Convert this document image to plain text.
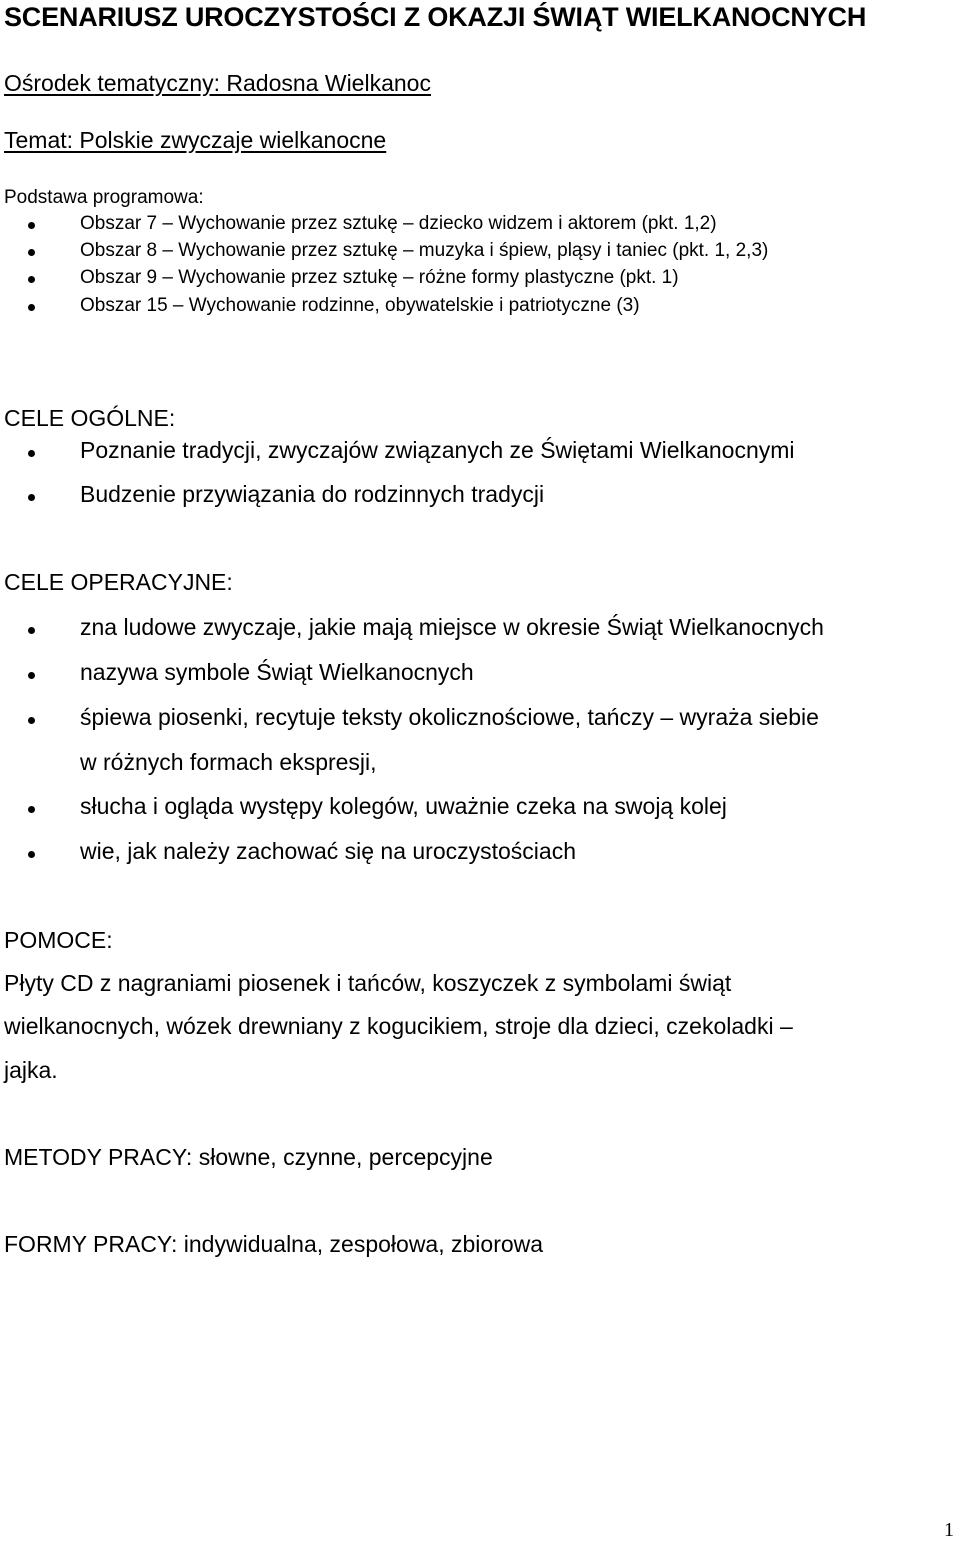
SCENARIUSZ UROCZYSTOŚCI Z OKAZJI ŚWIĄT WIELKANOCNYCH
Ośrodek tematyczny: Radosna Wielkanoc
Temat: Polskie zwyczaje wielkanocne
Podstawa programowa:
Obszar 7 – Wychowanie przez sztukę – dziecko widzem i aktorem (pkt. 1,2)
Obszar 8 – Wychowanie przez sztukę – muzyka i śpiew, pląsy i taniec (pkt. 1, 2,3)
Obszar 9 – Wychowanie przez sztukę – różne formy plastyczne (pkt. 1)
Obszar 15 – Wychowanie rodzinne, obywatelskie i patriotyczne (3)
CELE OGÓLNE:
Poznanie tradycji, zwyczajów związanych ze Świętami Wielkanocnymi
Budzenie przywiązania do rodzinnych tradycji
CELE OPERACYJNE:
zna ludowe zwyczaje, jakie mają miejsce w okresie Świąt Wielkanocnych
nazywa symbole Świąt Wielkanocnych
śpiewa piosenki, recytuje teksty okolicznościowe, tańczy – wyraża siebie
w różnych formach ekspresji,
słucha i ogląda występy kolegów, uważnie czeka na swoją kolej
wie, jak należy zachować się na uroczystościach
POMOCE:
Płyty CD z nagraniami piosenek i tańców, koszyczek z symbolami świąt
wielkanocnych, wózek drewniany z kogucikiem, stroje dla dzieci, czekoladki –
jajka.
METODY PRACY: słowne, czynne, percepcyjne
FORMY PRACY: indywidualna, zespołowa, zbiorowa
1
